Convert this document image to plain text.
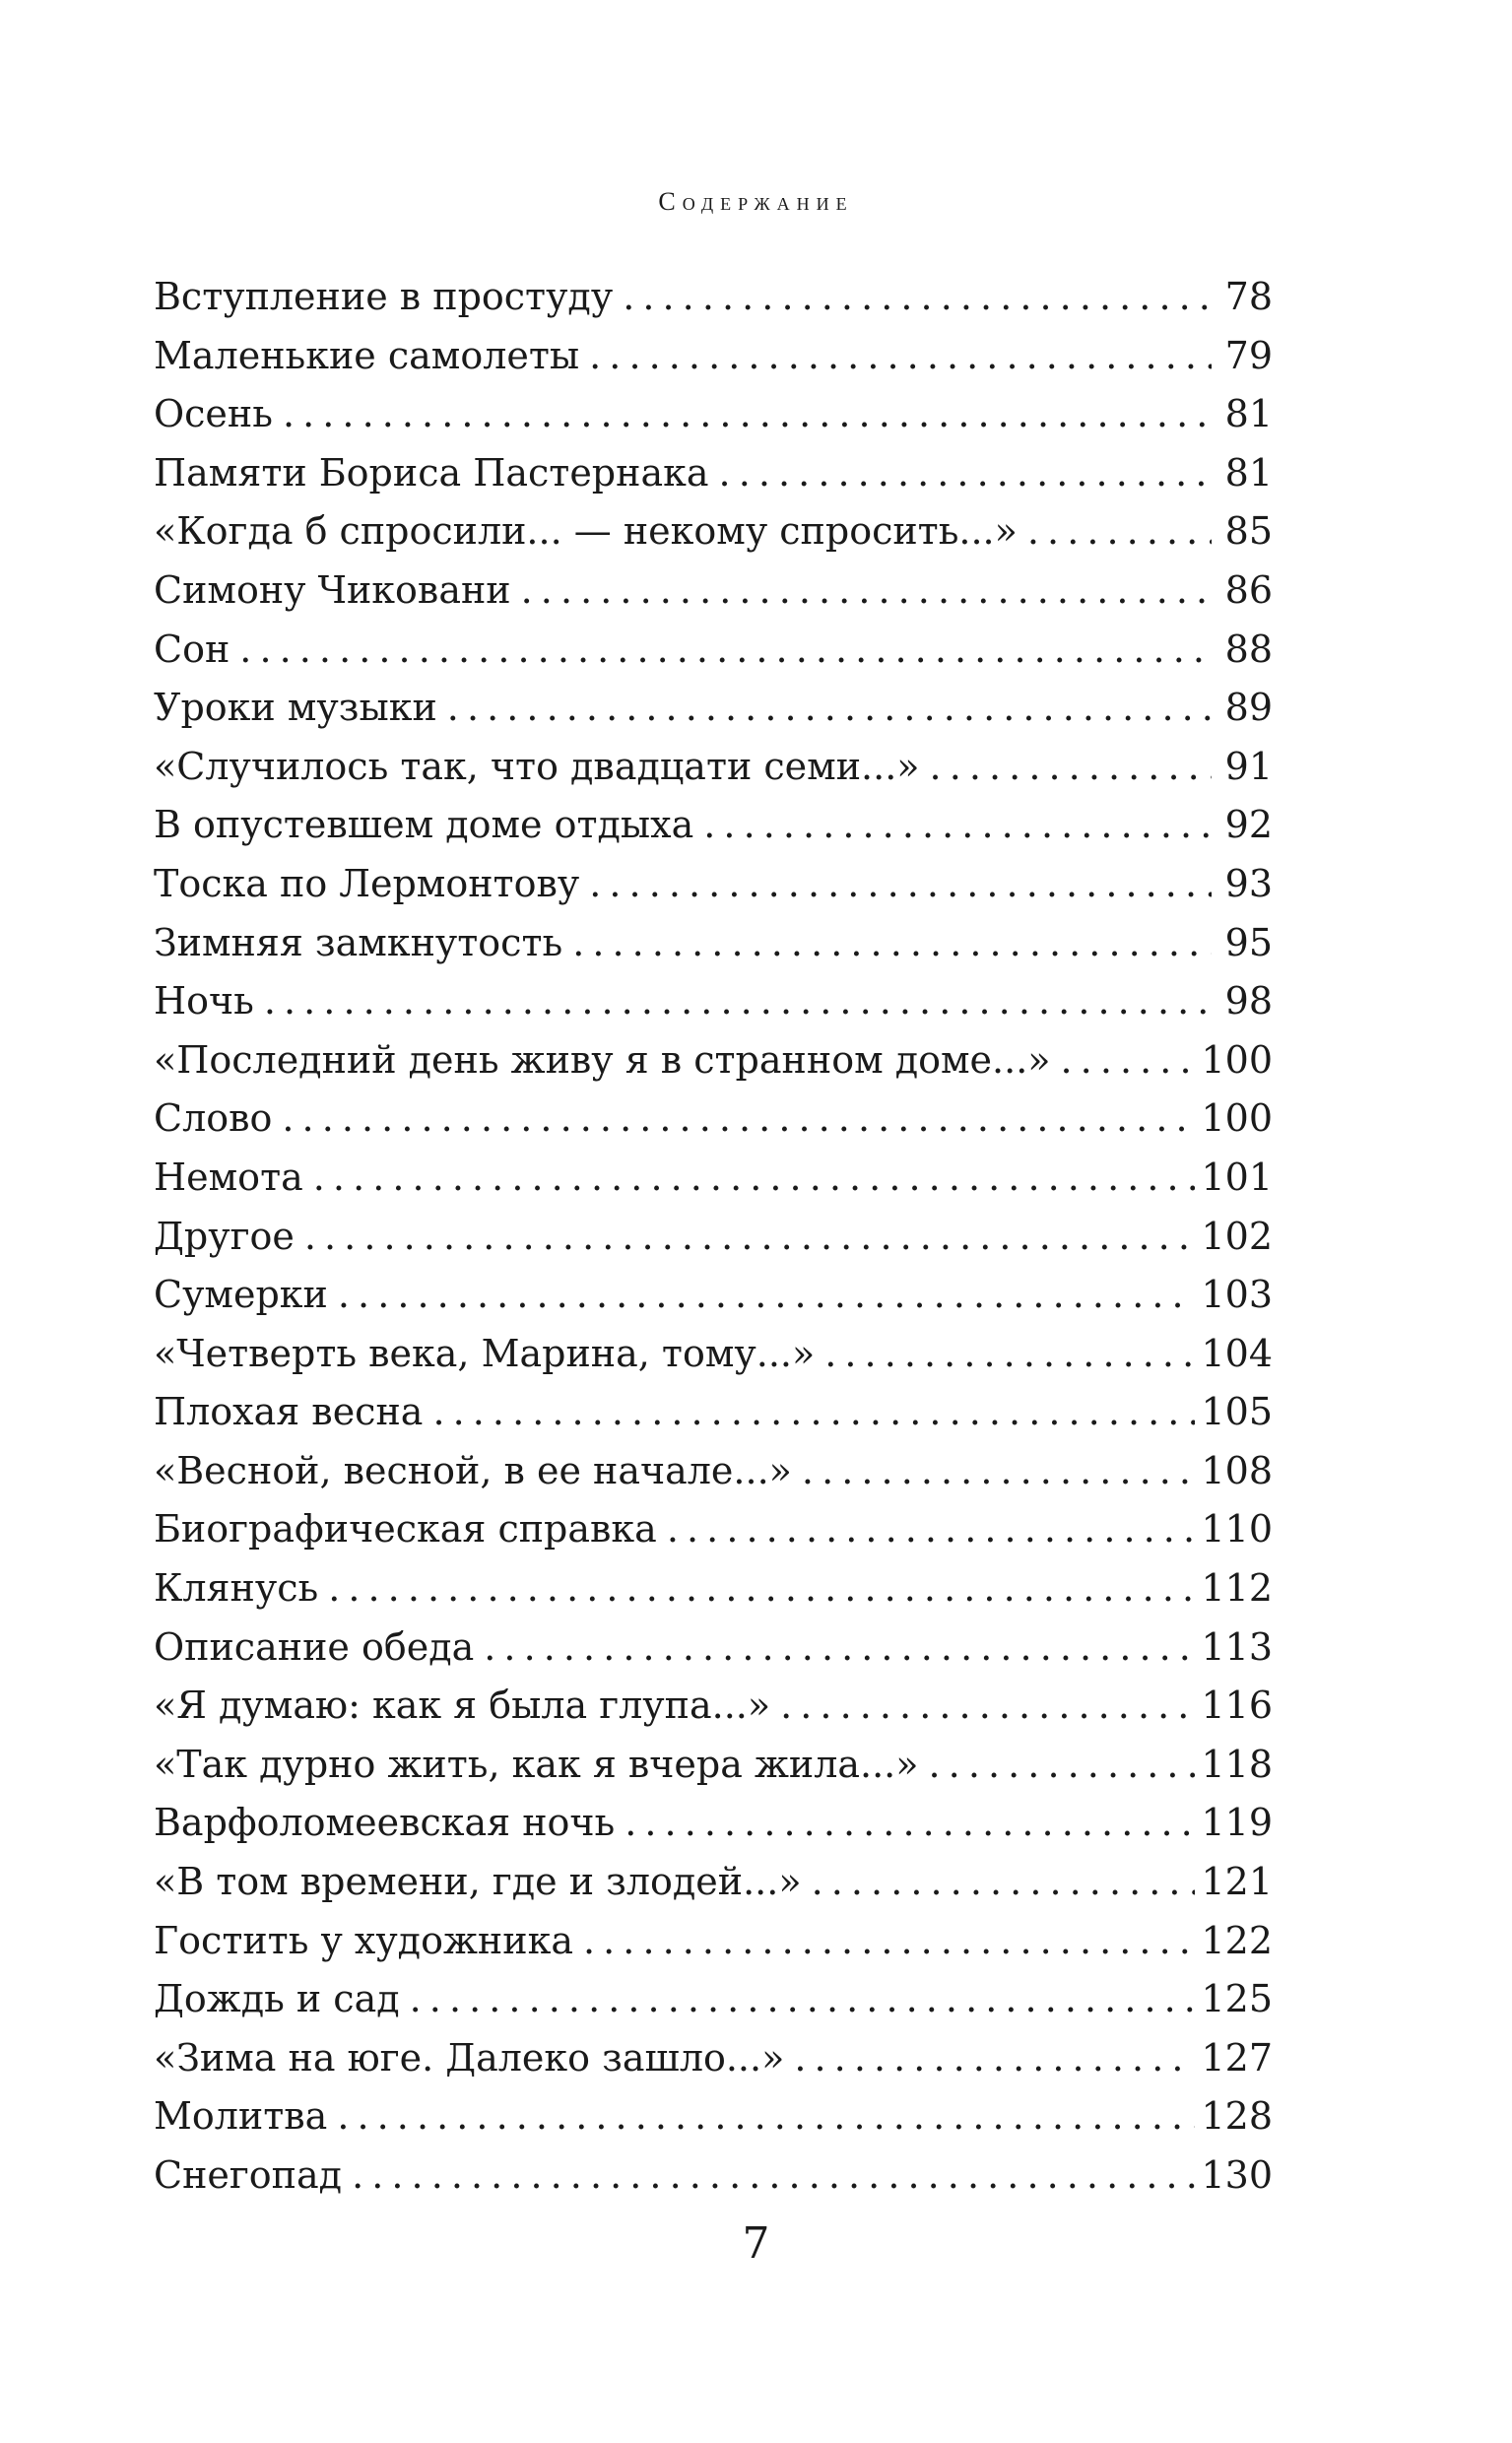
Содержание
Вступление в простуду . . .	78
Маленькие самолеты . . .	79
Осень . . .	81
Памяти Бориса Пастернака . . .	81
«Когда б спросили... — некому спросить...» . . .	85
Симону Чиковани . . .	86
Сон . . .	88
Уроки музыки . . .	89
«Случилось так, что двадцати семи...» . . .	91
В опустевшем доме отдыха . . .	92
Тоска по Лермонтову . . .	93
Зимняя замкнутость . . .	95
Ночь . . .	98
«Последний день живу я в странном доме...» . . .	100
Слово . . .	100
Немота . . .	101
Другое . . .	102
Сумерки . . .	103
«Четверть века, Марина, тому...» . . .	104
Плохая весна . . .	105
«Весной, весной, в ее начале...» . . .	108
Биографическая справка . . .	110
Клянусь . . .	112
Описание обеда . . .	113
«Я думаю: как я была глупа...» . . .	116
«Так дурно жить, как я вчера жила...» . . .	118
Варфоломеевская ночь . . .	119
«В том времени, где и злодей...» . . .	121
Гостить у художника . . .	122
Дождь и сад . . .	125
«Зима на юге. Далеко зашло...» . . .	127
Молитва . . .	128
Снегопад . . .	130
7
